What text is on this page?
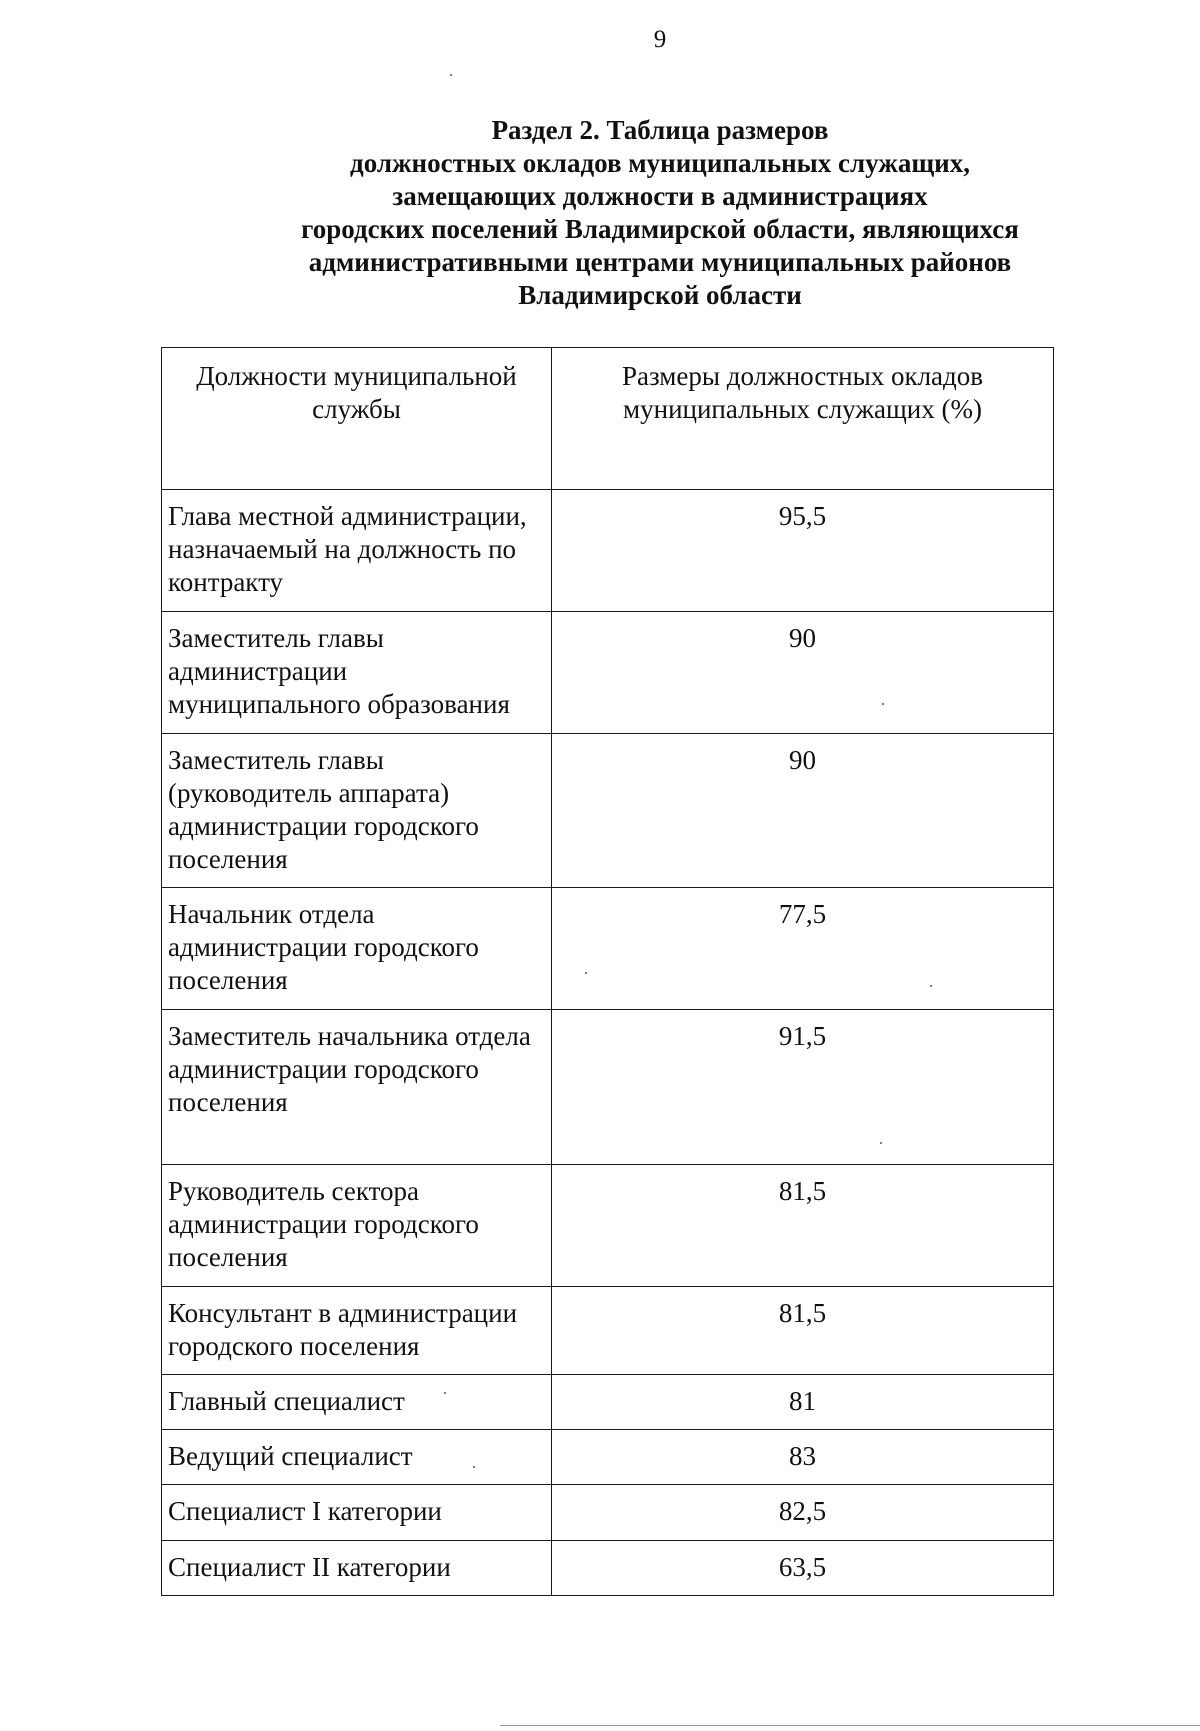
9
Раздел 2. Таблица размеров
должностных окладов муниципальных служащих,
замещающих должности в администрациях
городских поселений Владимирской области, являющихся
административными центрами муниципальных районов
Владимирской области
Должности муниципальной службы	Размеры должностных окладов муниципальных служащих (%)
Глава местной администрации, назначаемый на должность по контракту	95,5
Заместитель главы администрации муниципального образования	90
Заместитель главы (руководитель аппарата) администрации городского поселения	90
Начальник отдела администрации городского поселения	77,5
Заместитель начальника отдела администрации городского поселения	91,5
Руководитель сектора администрации городского поселения	81,5
Консультант в администрации городского поселения	81,5
Главный специалист	81
Ведущий специалист	83
Специалист I категории	82,5
Специалист II категории	63,5
